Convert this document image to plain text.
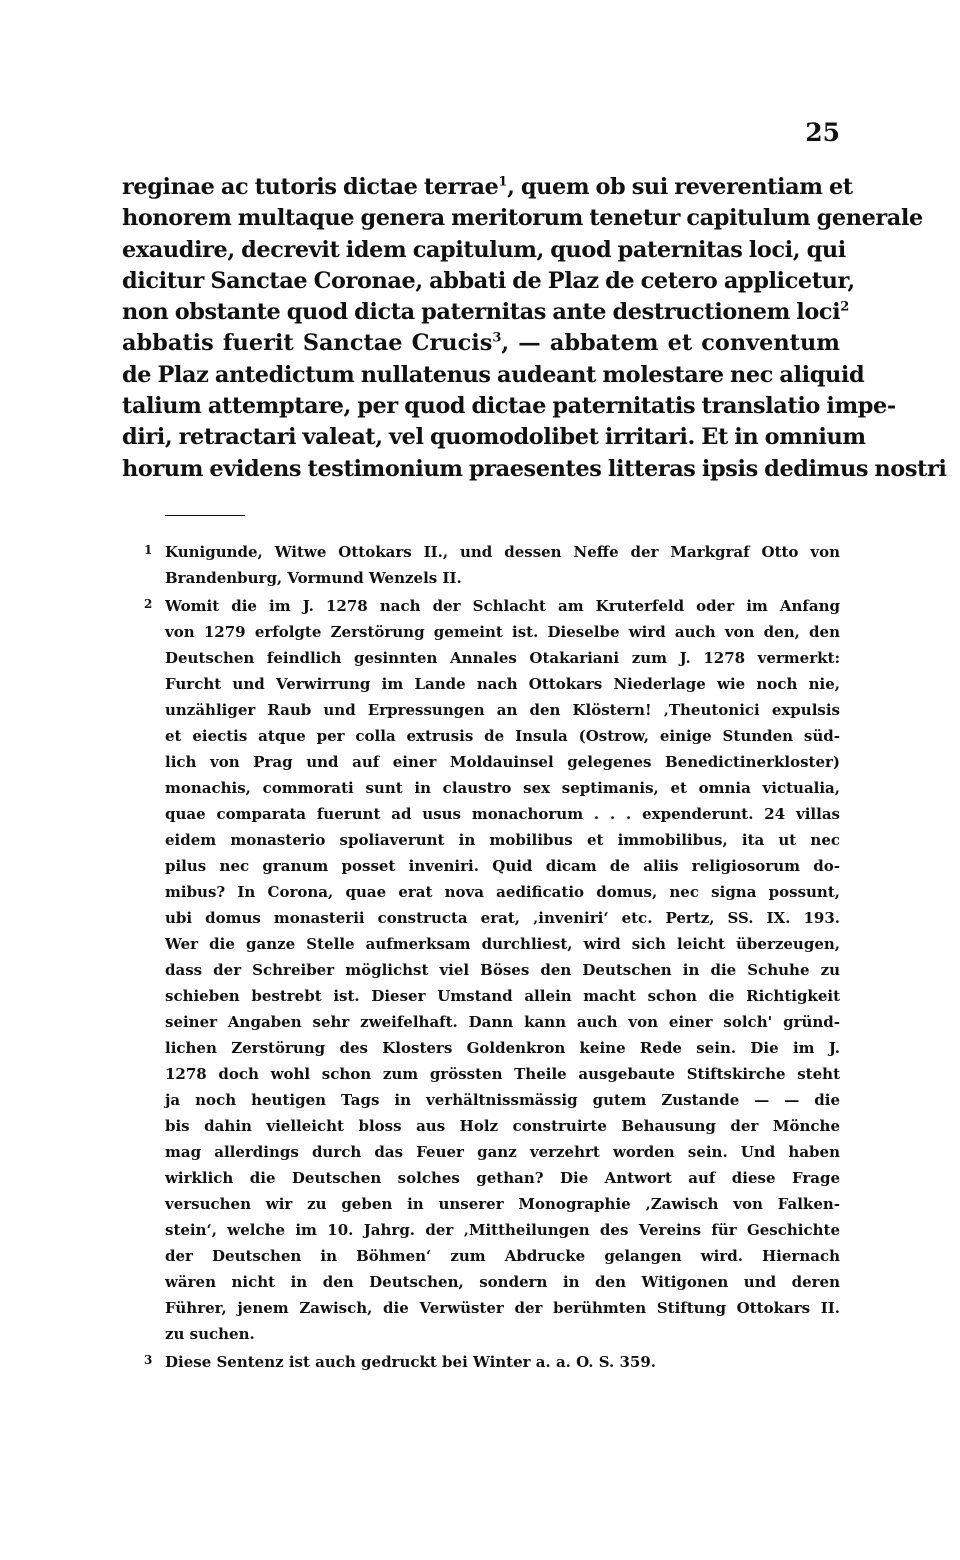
25
reginae ac tutoris dictae terrae$^1$, quem ob sui reverentiam et
honorem multaque genera meritorum tenetur capitulum generale
exaudire, decrevit idem capitulum, quod paternitas loci, qui
dicitur Sanctae Coronae, abbati de Plaz de cetero applicetur,
non obstante quod dicta paternitas ante destructionem loci$^2$
abbatis fuerit Sanctae Crucis$^3$, — abbatem et conventum
de Plaz antedictum nullatenus audeant molestare nec aliquid
talium attemptare, per quod dictae paternitatis translatio impe-
diri, retractari valeat, vel quomodolibet irritari. Et in omnium
horum evidens testimonium praesentes litteras ipsis dedimus nostri
1 Kunigunde, Witwe Ottokars II., und dessen Neffe der Markgraf Otto von
Brandenburg, Vormund Wenzels II.
2 Womit die im J. 1278 nach der Schlacht am Kruterfeld oder im Anfang
von 1279 erfolgte Zerstörung gemeint ist. Dieselbe wird auch von den, den
Deutschen feindlich gesinnten Annales Otakariani zum J. 1278 vermerkt:
Furcht und Verwirrung im Lande nach Ottokars Niederlage wie noch nie,
unzähliger Raub und Erpressungen an den Klöstern! ‚Theutonici expulsis
et eiectis atque per colla extrusis de Insula (Ostrow, einige Stunden süd-
lich von Prag und auf einer Moldauinsel gelegenes Benedictinerkloster)
monachis, commorati sunt in claustro sex septimanis, et omnia victualia,
quae comparata fuerunt ad usus monachorum . . . expenderunt. 24 villas
eidem monasterio spoliaverunt in mobilibus et immobilibus, ita ut nec
pilus nec granum posset inveniri. Quid dicam de aliis religiosorum do-
mibus? In Corona, quae erat nova aedificatio domus, nec signa possunt,
ubi domus monasterii constructa erat, ‚inveniri‘ etc. Pertz, SS. IX. 193.
Wer die ganze Stelle aufmerksam durchliest, wird sich leicht überzeugen,
dass der Schreiber möglichst viel Böses den Deutschen in die Schuhe zu
schieben bestrebt ist. Dieser Umstand allein macht schon die Richtigkeit
seiner Angaben sehr zweifelhaft. Dann kann auch von einer solch' gründ-
lichen Zerstörung des Klosters Goldenkron keine Rede sein. Die im J.
1278 doch wohl schon zum grössten Theile ausgebaute Stiftskirche steht
ja noch heutigen Tags in verhältnissmässig gutem Zustande — — die
bis dahin vielleicht bloss aus Holz construirte Behausung der Mönche
mag allerdings durch das Feuer ganz verzehrt worden sein. Und haben
wirklich die Deutschen solches gethan? Die Antwort auf diese Frage
versuchen wir zu geben in unserer Monographie ‚Zawisch von Falken-
stein‘, welche im 10. Jahrg. der ‚Mittheilungen des Vereins für Geschichte
der Deutschen in Böhmen‘ zum Abdrucke gelangen wird. Hiernach
wären nicht in den Deutschen, sondern in den Witigonen und deren
Führer, jenem Zawisch, die Verwüster der berühmten Stiftung Ottokars II.
zu suchen.
3 Diese Sentenz ist auch gedruckt bei Winter a. a. O. S. 359.
